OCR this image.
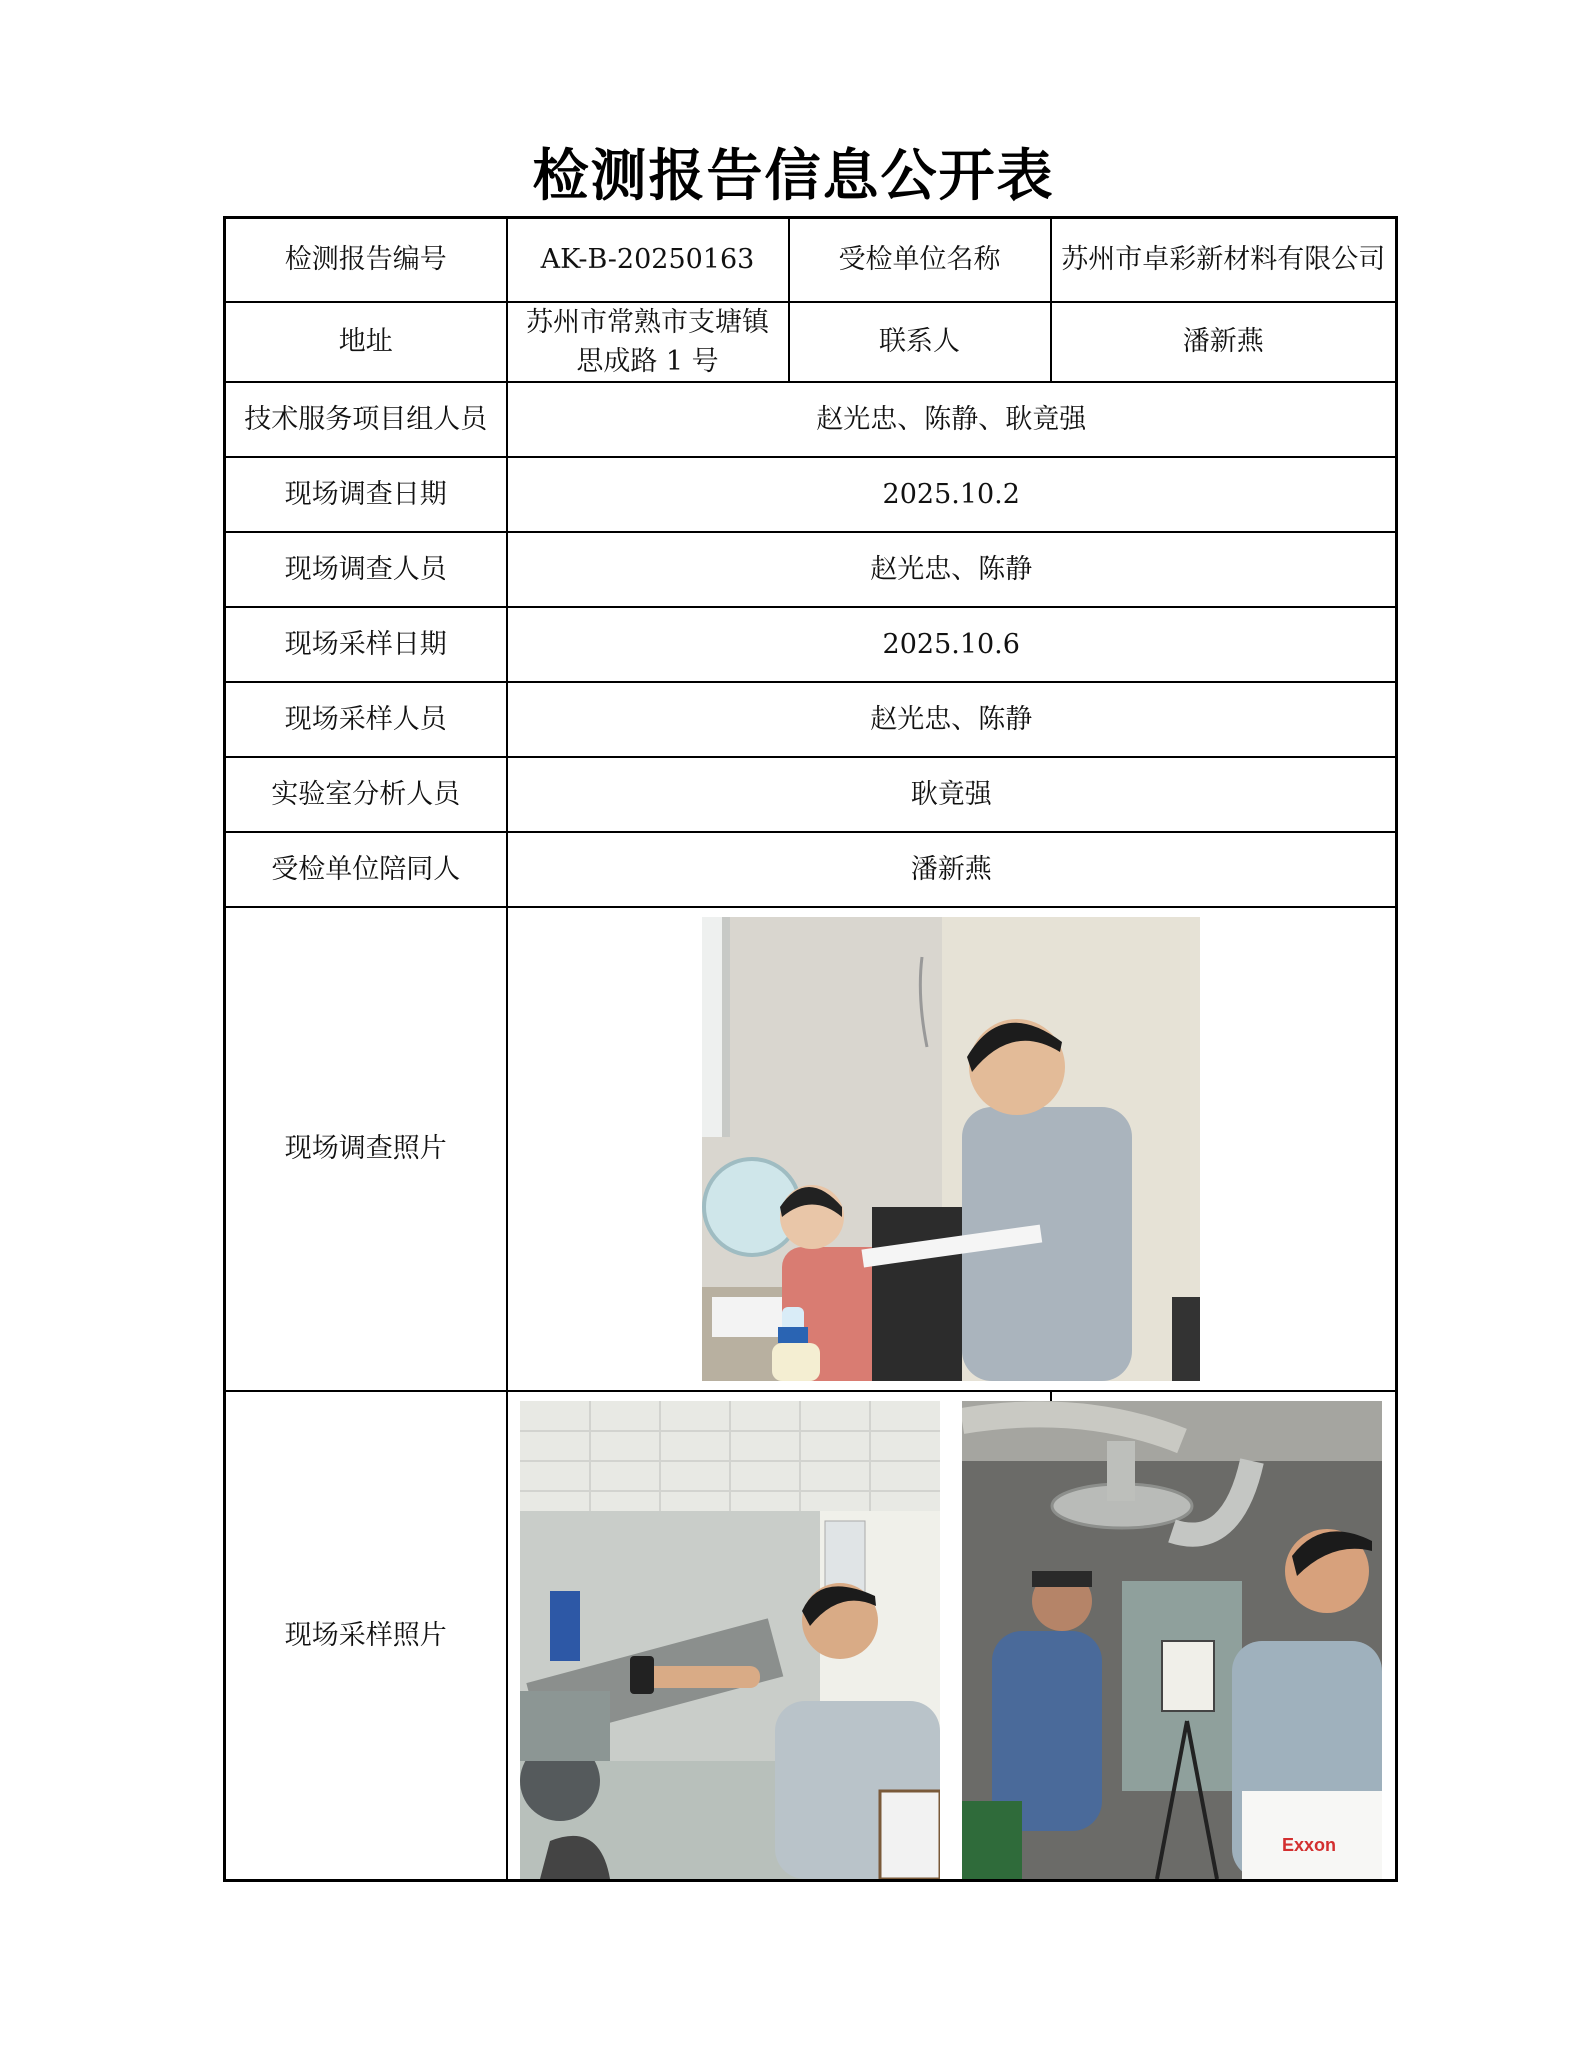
检测报告信息公开表
检测报告编号	AK-B-20250163	受检单位名称	苏州市卓彩新材料有限公司
地址	苏州市常熟市支塘镇思成路 1 号	联系人	潘新燕
技术服务项目组人员	赵光忠、陈静、耿竟强		
现场调查日期	2025.10.2		
现场调查人员	赵光忠、陈静		
现场采样日期	2025.10.6		
现场采样人员	赵光忠、陈静		
实验室分析人员	耿竟强		
受检单位陪同人	潘新燕		
现场调查照片	

现场采样照片			Exxon
